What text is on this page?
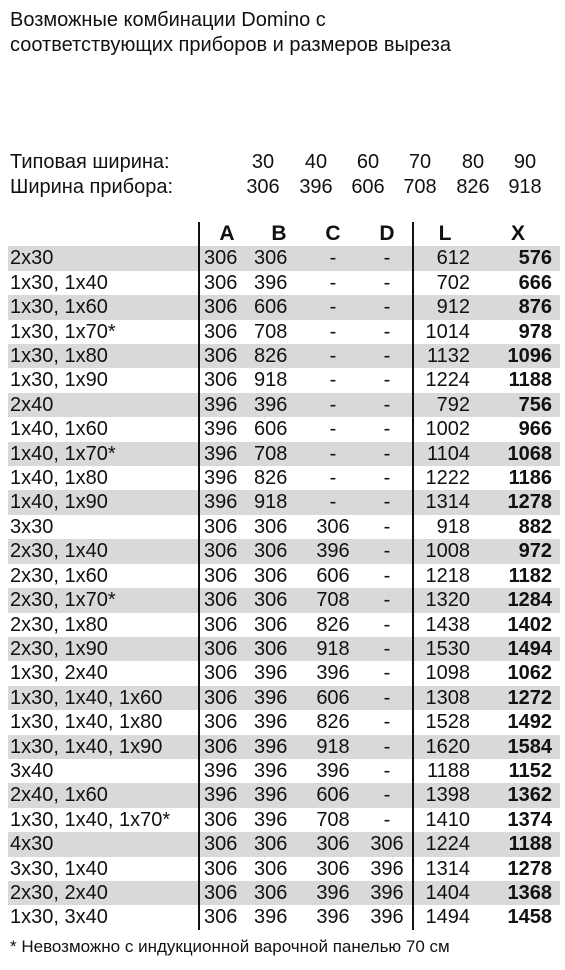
Возможные комбинации Domino с
соответствующих приборов и размеров выреза
Типовая ширина:	30	40	60	70	80	90
Ширина прибора:	306 396 606 708 826 918
	A	B	C	D	L	X
2x30	306	306	-	-	612	576
1x30, 1x40	306	396	-	-	702	666
1x30, 1x60	306	606	-	-	912	876
1x30, 1x70*	306	708	-	-	1014	978
1x30, 1x80	306	826	-	-	1132	1096
1x30, 1x90	306	918	-	-	1224	1188
2x40	396	396	-	-	792	756
1x40, 1x60	396	606	-	-	1002	966
1x40, 1x70*	396	708	-	-	1104	1068
1x40, 1x80	396	826	-	-	1222	1186
1x40, 1x90	396	918	-	-	1314	1278
3x30	306	306	306	-	918	882
2x30, 1x40	306	306	396	-	1008	972
2x30, 1x60	306	306	606	-	1218	1182
2x30, 1x70*	306	306	708	-	1320	1284
2x30, 1x80	306	306	826	-	1438	1402
2x30, 1x90	306	306	918	-	1530	1494
1x30, 2x40	306	396	396	-	1098	1062
1x30, 1x40, 1x60	306	396	606	-	1308	1272
1x30, 1x40, 1x80	306	396	826	-	1528	1492
1x30, 1x40, 1x90	306	396	918	-	1620	1584
3x40	396	396	396	-	1188	1152
2x40, 1x60	396	396	606	-	1398	1362
1x30, 1x40, 1x70*	306	396	708	-	1410	1374
4x30	306	306	306	306	1224	1188
3x30, 1x40	306	306	306	396	1314	1278
2x30, 2x40	306	306	396	396	1404	1368
1x30, 3x40	306	396	396	396	1494	1458
* Невозможно с индукционной варочной панелью 70 см
